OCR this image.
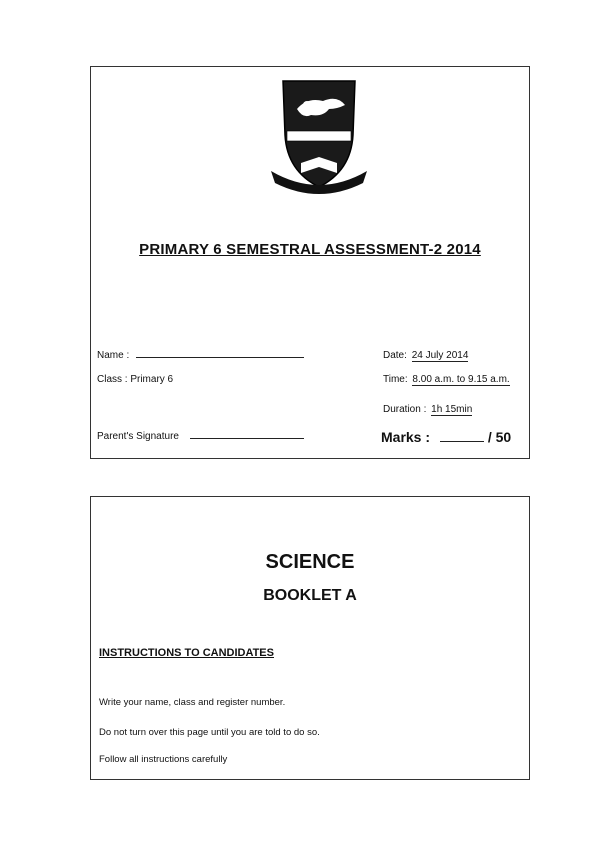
PRIMARY 6 SEMESTRAL ASSESSMENT-2 2014
Name :
Class : Primary 6
Parent's Signature
Date: 24 July 2014
Time: 8.00 a.m. to 9.15 a.m.
Duration : 1h 15min
Marks :	/ 50
SCIENCE
BOOKLET A
INSTRUCTIONS TO CANDIDATES
Write your name, class and register number.
Do not turn over this page until you are told to do so.
Follow all instructions carefully
